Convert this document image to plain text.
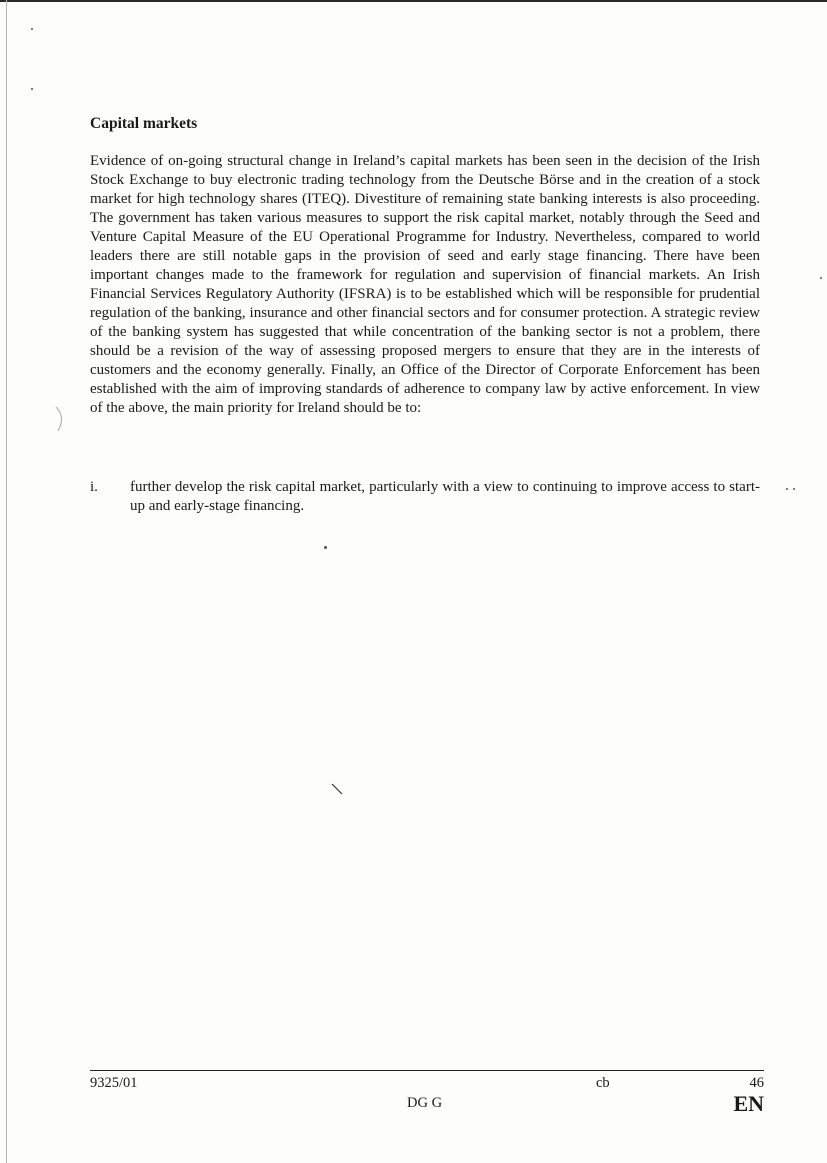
Capital markets
Evidence of on-going structural change in Ireland’s capital markets has been seen in the decision of the Irish Stock Exchange to buy electronic trading technology from the Deutsche Börse and in the creation of a stock market for high technology shares (ITEQ). Divestiture of remaining state banking interests is also proceeding. The government has taken various measures to support the risk capital market, notably through the Seed and Venture Capital Measure of the EU Operational Programme for Industry. Nevertheless, compared to world leaders there are still notable gaps in the provision of seed and early stage financing. There have been important changes made to the framework for regulation and supervision of financial markets. An Irish Financial Services Regulatory Authority (IFSRA) is to be established which will be responsible for prudential regulation of the banking, insurance and other financial sectors and for consumer protection. A strategic review of the banking system has suggested that while concentration of the banking sector is not a problem, there should be a revision of the way of assessing proposed mergers to ensure that they are in the interests of customers and the economy generally. Finally, an Office of the Director of Corporate Enforcement has been established with the aim of improving standards of adherence to company law by active enforcement. In view of the above, the main priority for Ireland should be to:
i. further develop the risk capital market, particularly with a view to continuing to improve access to start-up and early-stage financing.
9325/01	cb	46
DG G	EN
